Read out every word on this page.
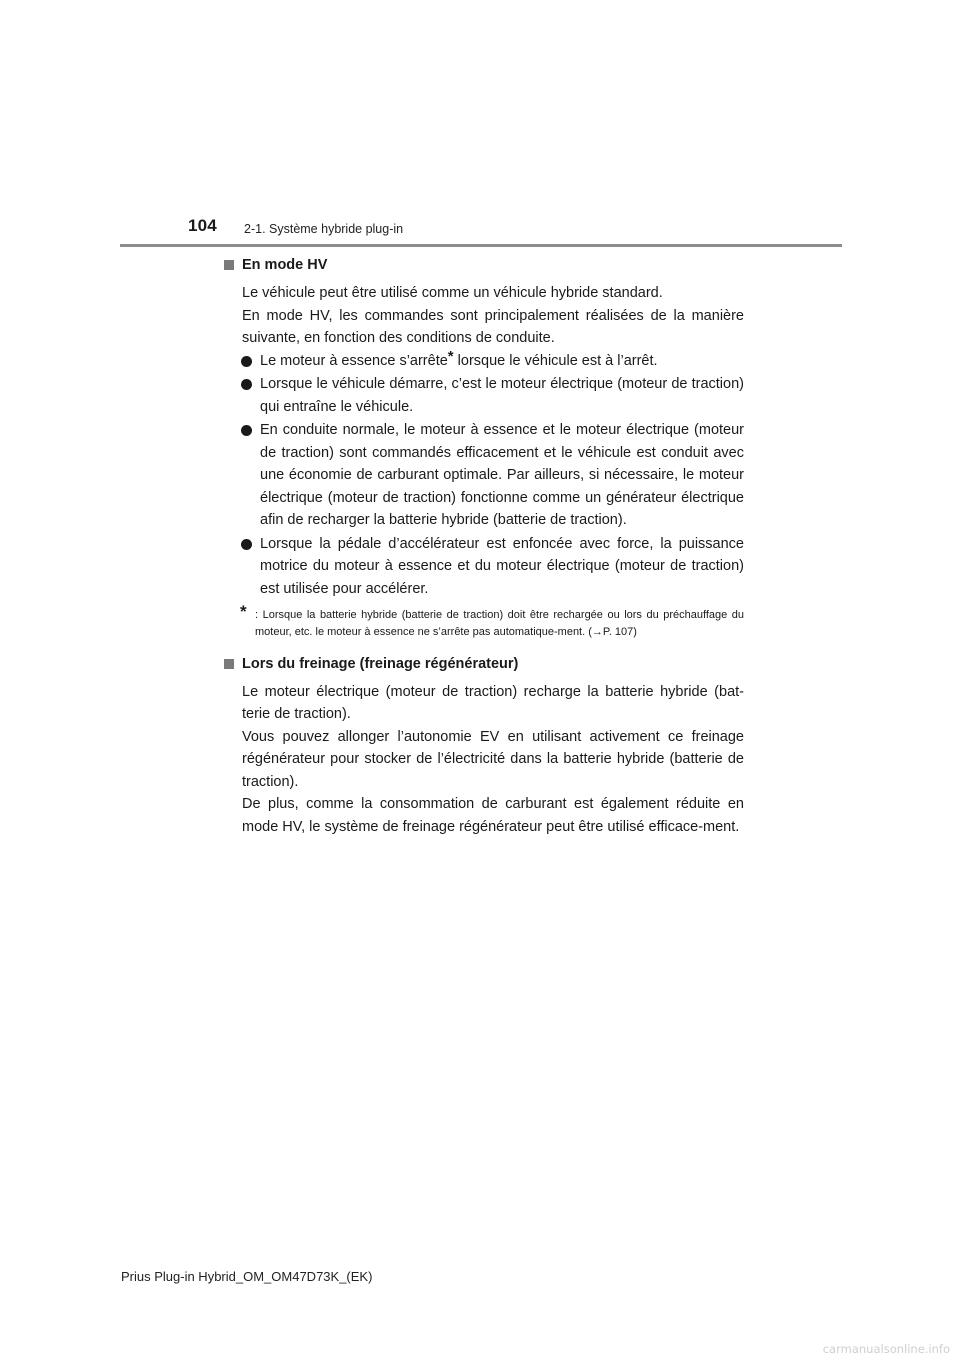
104 2-1. Système hybride plug-in
En mode HV

Le véhicule peut être utilisé comme un véhicule hybride standard.

En mode HV, les commandes sont principalement réalisées de la manière suivante, en fonction des conditions de conduite.

Le moteur à essence s’arrête* lorsque le véhicule est à l’arrêt.
Lorsque le véhicule démarre, c’est le moteur électrique (moteur de traction) qui entraîne le véhicule.
En conduite normale, le moteur à essence et le moteur électrique (moteur de traction) sont commandés efficacement et le véhicule est conduit avec une économie de carburant optimale. Par ailleurs, si nécessaire, le moteur électrique (moteur de traction) fonctionne comme un générateur électrique afin de recharger la batterie hybride (batterie de traction).
Lorsque la pédale d’accélérateur est enfoncée avec force, la puissance motrice du moteur à essence et du moteur électrique (moteur de traction) est utilisée pour accélérer.
* : Lorsque la batterie hybride (batterie de traction) doit être rechargée ou lors du préchauffage du moteur, etc. le moteur à essence ne s’arrête pas automatique-ment. (→P. 107)
Lors du freinage (freinage régénérateur)

Le moteur électrique (moteur de traction) recharge la batterie hybride (bat-terie de traction).

Vous pouvez allonger l’autonomie EV en utilisant activement ce freinage régénérateur pour stocker de l’électricité dans la batterie hybride (batterie de traction).

De plus, comme la consommation de carburant est également réduite en mode HV, le système de freinage régénérateur peut être utilisé efficace-ment.

Prius Plug-in Hybrid_OM_OM47D73K_(EK)
carmanualsonline.info
